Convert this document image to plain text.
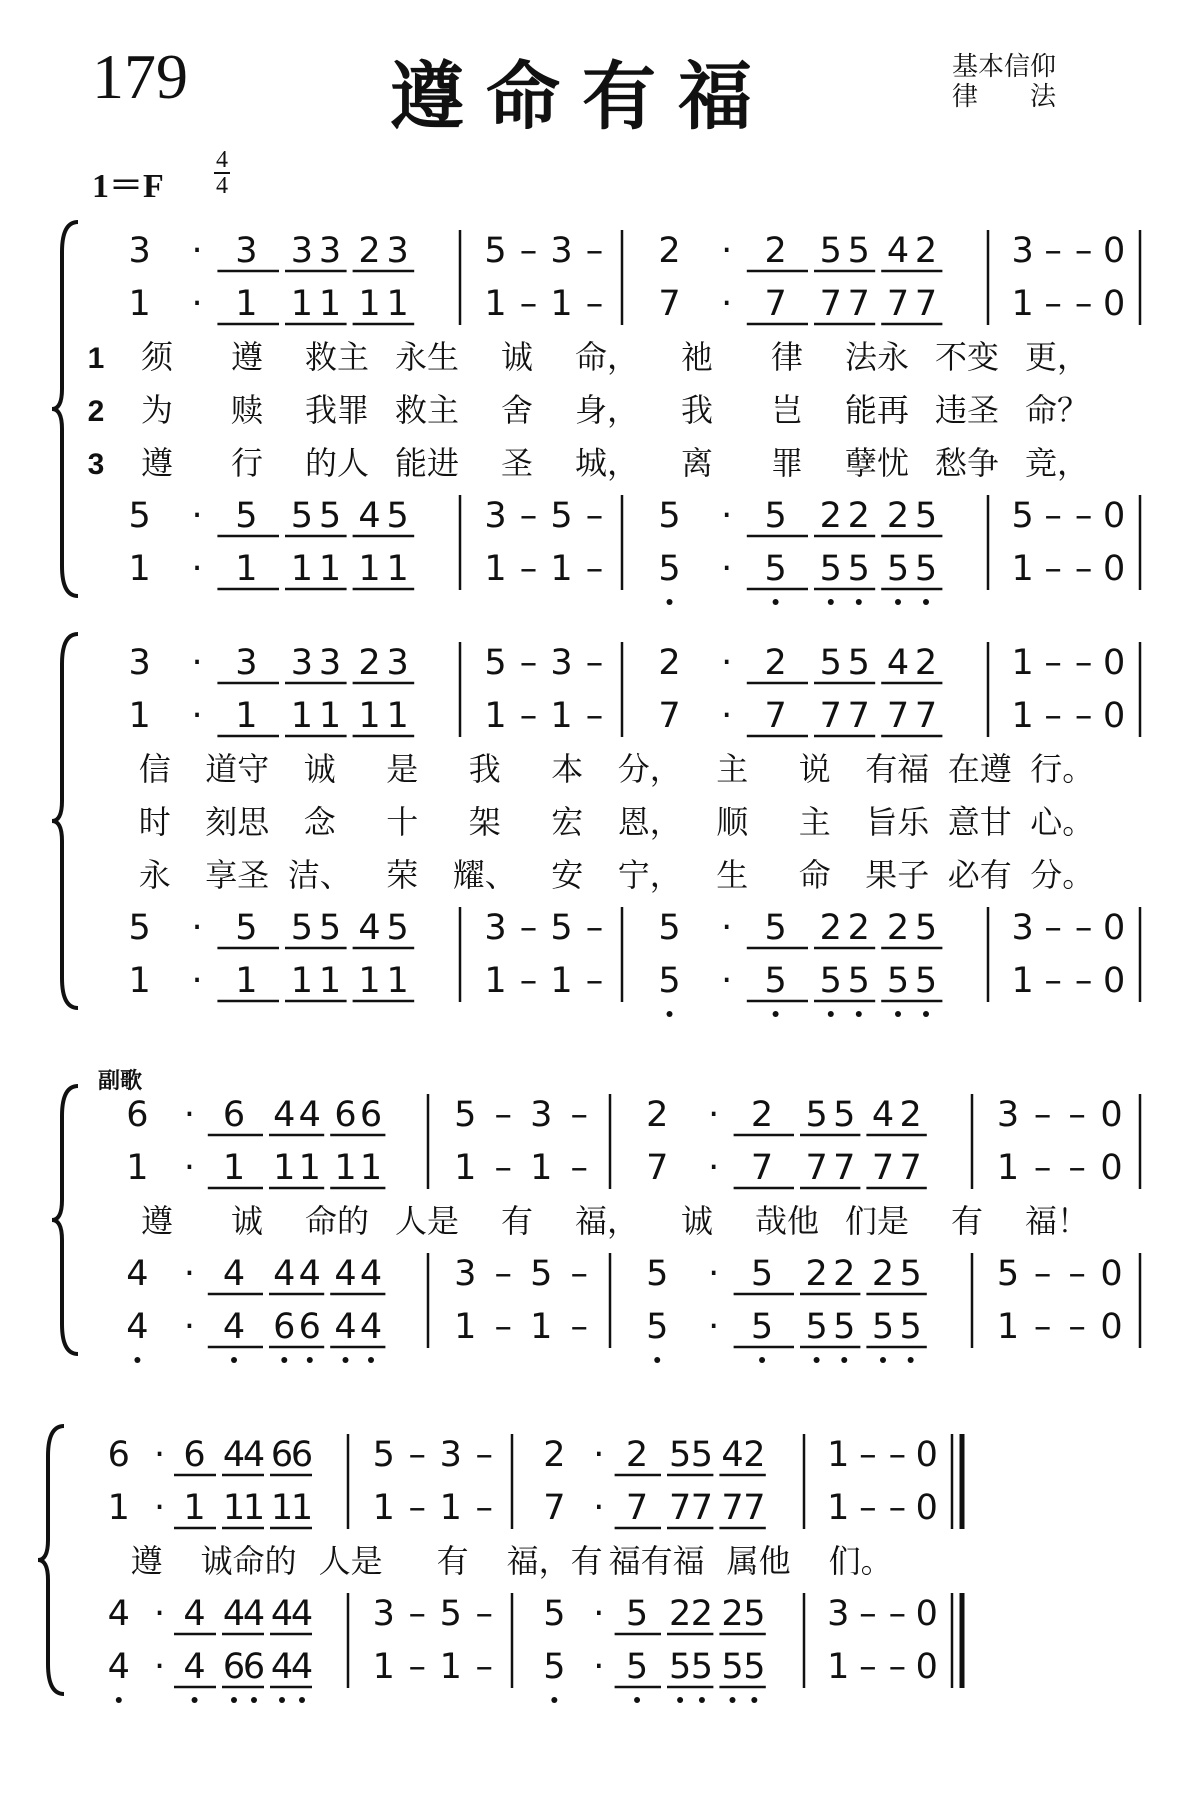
179	遵命有福	基本信仰
律　　法
1＝F
4
4
副歌
3 · 3 3 3 2 3 5 – 3 – 2 · 2 5 5 4 2 3 – – 0
1 · 1 1 1 1 1 1 – 1 – 7 · 7 7 7 7 7 1 – – 0
5 · 5 5 5 4 5 3 – 5 – 5 · 5 2 2 2 5 5 – – 0
1 · 1 1 1 1 1 1 – 1 – 5 · 5 5 5 5 5 1 – – 0
1 须 遵 救主 永生 诚 命， 祂 律 法永 不变 更，
2 为 赎 我罪 救主 舍 身， 我 岂 能再 违圣 命？
3 遵 行 的人 能进 圣 城， 离 罪 孽忧 愁争 竞，
3 · 3 3 3 2 3 5 – 3 – 2 · 2 5 5 4 2 1 – – 0
1 · 1 1 1 1 1 1 – 1 – 7 · 7 7 7 7 7 1 – – 0
5 · 5 5 5 4 5 3 – 5 – 5 · 5 2 2 2 5 3 – – 0
1 · 1 1 1 1 1 1 – 1 – 5 · 5 5 5 5 5 1 – – 0
信 道守 诚 是 我 本 分， 主 说 有福 在遵 行。
时 刻思 念 十 架 宏 恩， 顺 主 旨乐 意甘 心。
永 享圣 洁、 荣 耀、 安 宁， 生 命 果子 必有 分。
6 · 6 4 4 6 6 5 – 3 – 2 · 2 5 5 4 2 3 – – 0
1 · 1 1 1 1 1 1 – 1 – 7 · 7 7 7 7 7 1 – – 0
4 · 4 4 4 4 4 3 – 5 – 5 · 5 2 2 2 5 5 – – 0
4 · 4 6 6 4 4 1 – 1 – 5 · 5 5 5 5 5 1 – – 0
遵 诚 命的 人是 有 福， 诚 哉他 们是 有 福！
6 · 6 4
4 6
6 5 – 3 – 2 · 2 5 5 4 2 1 – – 0
1 · 1 1
1 1
1 1 – 1 – 7 · 7 7 7 7 7 1 – – 0
4 · 4 4
4 4
4 3 – 5 – 5 · 5 2 2 2 5 3 – – 0
4 · 4 6
6 4
4 1 – 1 – 5 · 5 5 5 5 5 1 – – 0
遵 诚命的 人是 有 福，有 福有福 属他 们。
